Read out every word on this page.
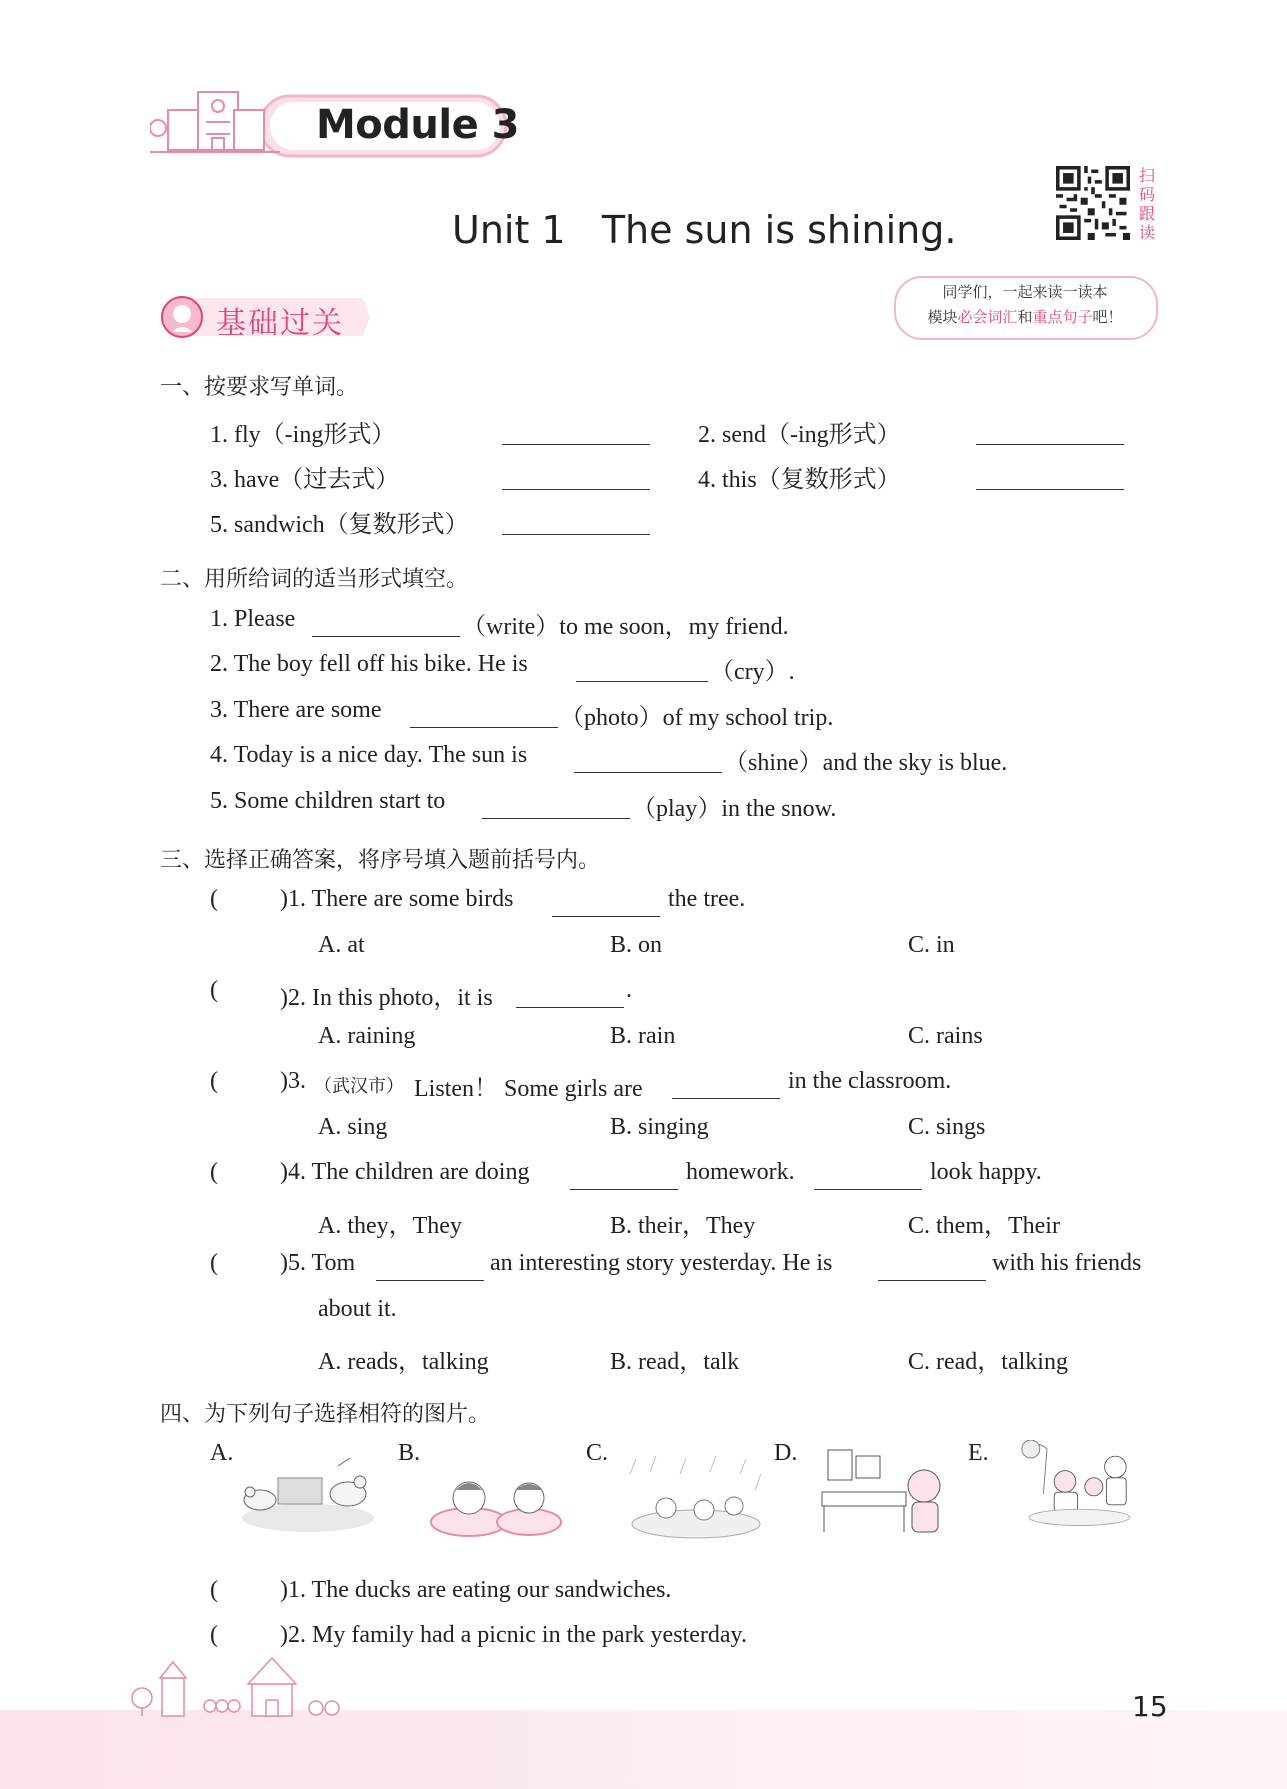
Module 3
Unit 1   The sun is shining.
扫码跟读
同学们，一起来读一读本
模块必会词汇和重点句子吧！
基础过关
一、按要求写单词。
1. fly（-ing形式）	2. send（-ing形式）
3. have（过去式）	4. this（复数形式）
5. sandwich（复数形式）
二、用所给词的适当形式填空。
1. Please	（write）to me soon，my friend.
2. The boy fell off his bike. He is	（cry）.
3. There are some	（photo）of my school trip.
4. Today is a nice day. The sun is	（shine）and the sky is blue.
5. Some children start to	（play）in the snow.
三、选择正确答案，将序号填入题前括号内。
(	)1. There are some birds	the tree.
A. at	B. on	C. in
(	)2. In this photo，it is	.
A. raining	B. rain	C. rains
(	)3. （武汉市） Listen！ Some girls are	in the classroom.
A. sing	B. singing	C. sings
(	)4. The children are doing	homework.	look happy.
A. they，They	B. their，They	C. them，Their
(	)5. Tom	an interesting story yesterday. He is	with his friends
about it.
A. reads，talking	B. read，talk	C. read，talking
四、为下列句子选择相符的图片。
A.	B.	C.	D.	E.
(	)1. The ducks are eating our sandwiches.
(	)2. My family had a picnic in the park yesterday.
15
